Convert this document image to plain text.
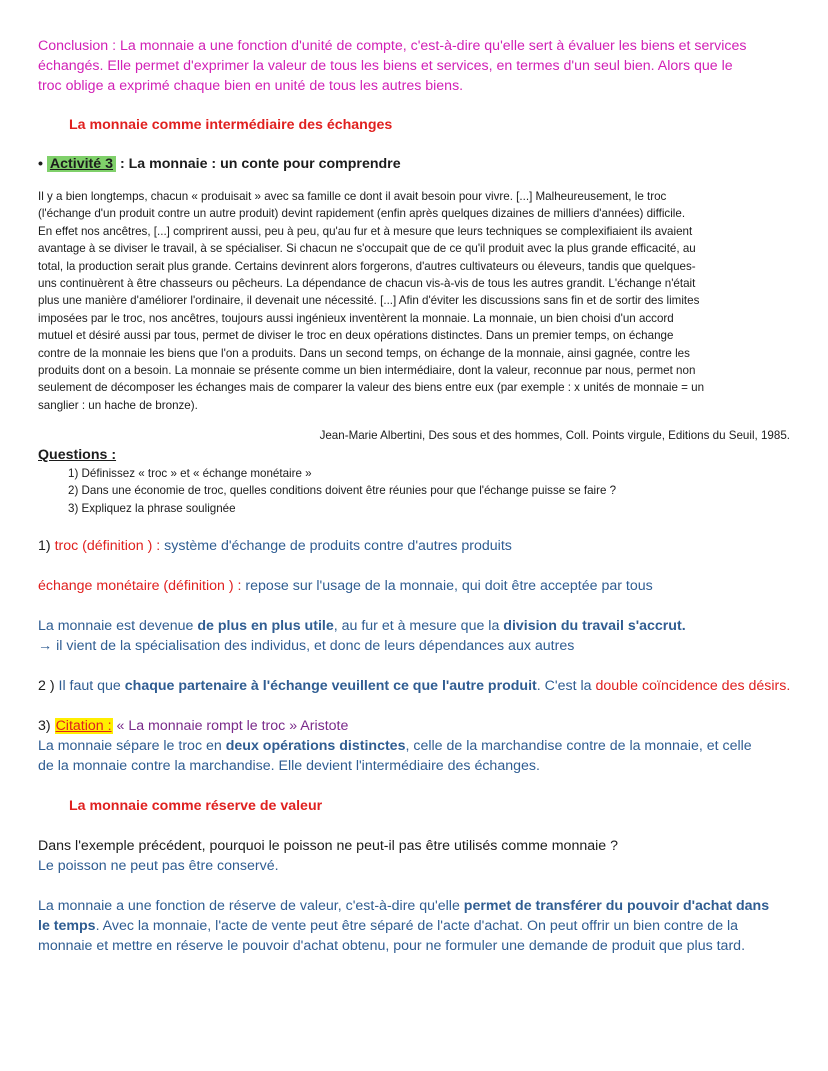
Conclusion : La monnaie a une fonction d'unité de compte, c'est-à-dire qu'elle sert à évaluer les biens et services
échangés. Elle permet d'exprimer la valeur de tous les biens et services, en termes d'un seul bien. Alors que le
troc oblige a exprimé chaque bien en unité de tous les autres biens.
La monnaie comme intermédiaire des échanges
• Activité 3 : La monnaie : un conte pour comprendre
Il y a bien longtemps, chacun « produisait » avec sa famille ce dont il avait besoin pour vivre. [...] Malheureusement, le troc
(l'échange d'un produit contre un autre produit) devint rapidement (enfin après quelques dizaines de milliers d'années) difficile.
En effet nos ancêtres, [...] comprirent aussi, peu à peu, qu'au fur et à mesure que leurs techniques se complexifiaient ils avaient
avantage à se diviser le travail, à se spécialiser. Si chacun ne s'occupait que de ce qu'il produit avec la plus grande efficacité, au
total, la production serait plus grande. Certains devinrent alors forgerons, d'autres cultivateurs ou éleveurs, tandis que quelques-
uns continuèrent à être chasseurs ou pêcheurs. La dépendance de chacun vis-à-vis de tous les autres grandit. L'échange n'était
plus une manière d'améliorer l'ordinaire, il devenait une nécessité. [...] Afin d'éviter les discussions sans fin et de sortir des limites
imposées par le troc, nos ancêtres, toujours aussi ingénieux inventèrent la monnaie. La monnaie, un bien choisi d'un accord
mutuel et désiré aussi par tous, permet de diviser le troc en deux opérations distinctes. Dans un premier temps, on échange
contre de la monnaie les biens que l'on a produits. Dans un second temps, on échange de la monnaie, ainsi gagnée, contre les
produits dont on a besoin. La monnaie se présente comme un bien intermédiaire, dont la valeur, reconnue par nous, permet non
seulement de décomposer les échanges mais de comparer la valeur des biens entre eux (par exemple : x unités de monnaie = un
sanglier : un hache de bronze).
Jean-Marie Albertini, Des sous et des hommes, Coll. Points virgule, Editions du Seuil, 1985.
Questions :
1) Définissez « troc » et « échange monétaire »
2) Dans une économie de troc, quelles conditions doivent être réunies pour que l'échange puisse se faire ?
3) Expliquez la phrase soulignée
1) troc (définition ) : système d'échange de produits contre d'autres produits
échange monétaire (définition ) : repose sur l'usage de la monnaie, qui doit être acceptée par tous
La monnaie est devenue de plus en plus utile, au fur et à mesure que la division du travail s'accrut.
→ il vient de la spécialisation des individus, et donc de leurs dépendances aux autres
2 ) Il faut que chaque partenaire à l'échange veuillent ce que l'autre produit. C'est la double coïncidence des désirs.
3) Citation : « La monnaie rompt le troc » Aristote
La monnaie sépare le troc en deux opérations distinctes, celle de la marchandise contre de la monnaie, et celle
de la monnaie contre la marchandise. Elle devient l'intermédiaire des échanges.
La monnaie comme réserve de valeur
Dans l'exemple précédent, pourquoi le poisson ne peut-il pas être utilisés comme monnaie ?
Le poisson ne peut pas être conservé.
La monnaie a une fonction de réserve de valeur, c'est-à-dire qu'elle permet de transférer du pouvoir d'achat dans
le temps. Avec la monnaie, l'acte de vente peut être séparé de l'acte d'achat. On peut offrir un bien contre de la
monnaie et mettre en réserve le pouvoir d'achat obtenu, pour ne formuler une demande de produit que plus tard.
